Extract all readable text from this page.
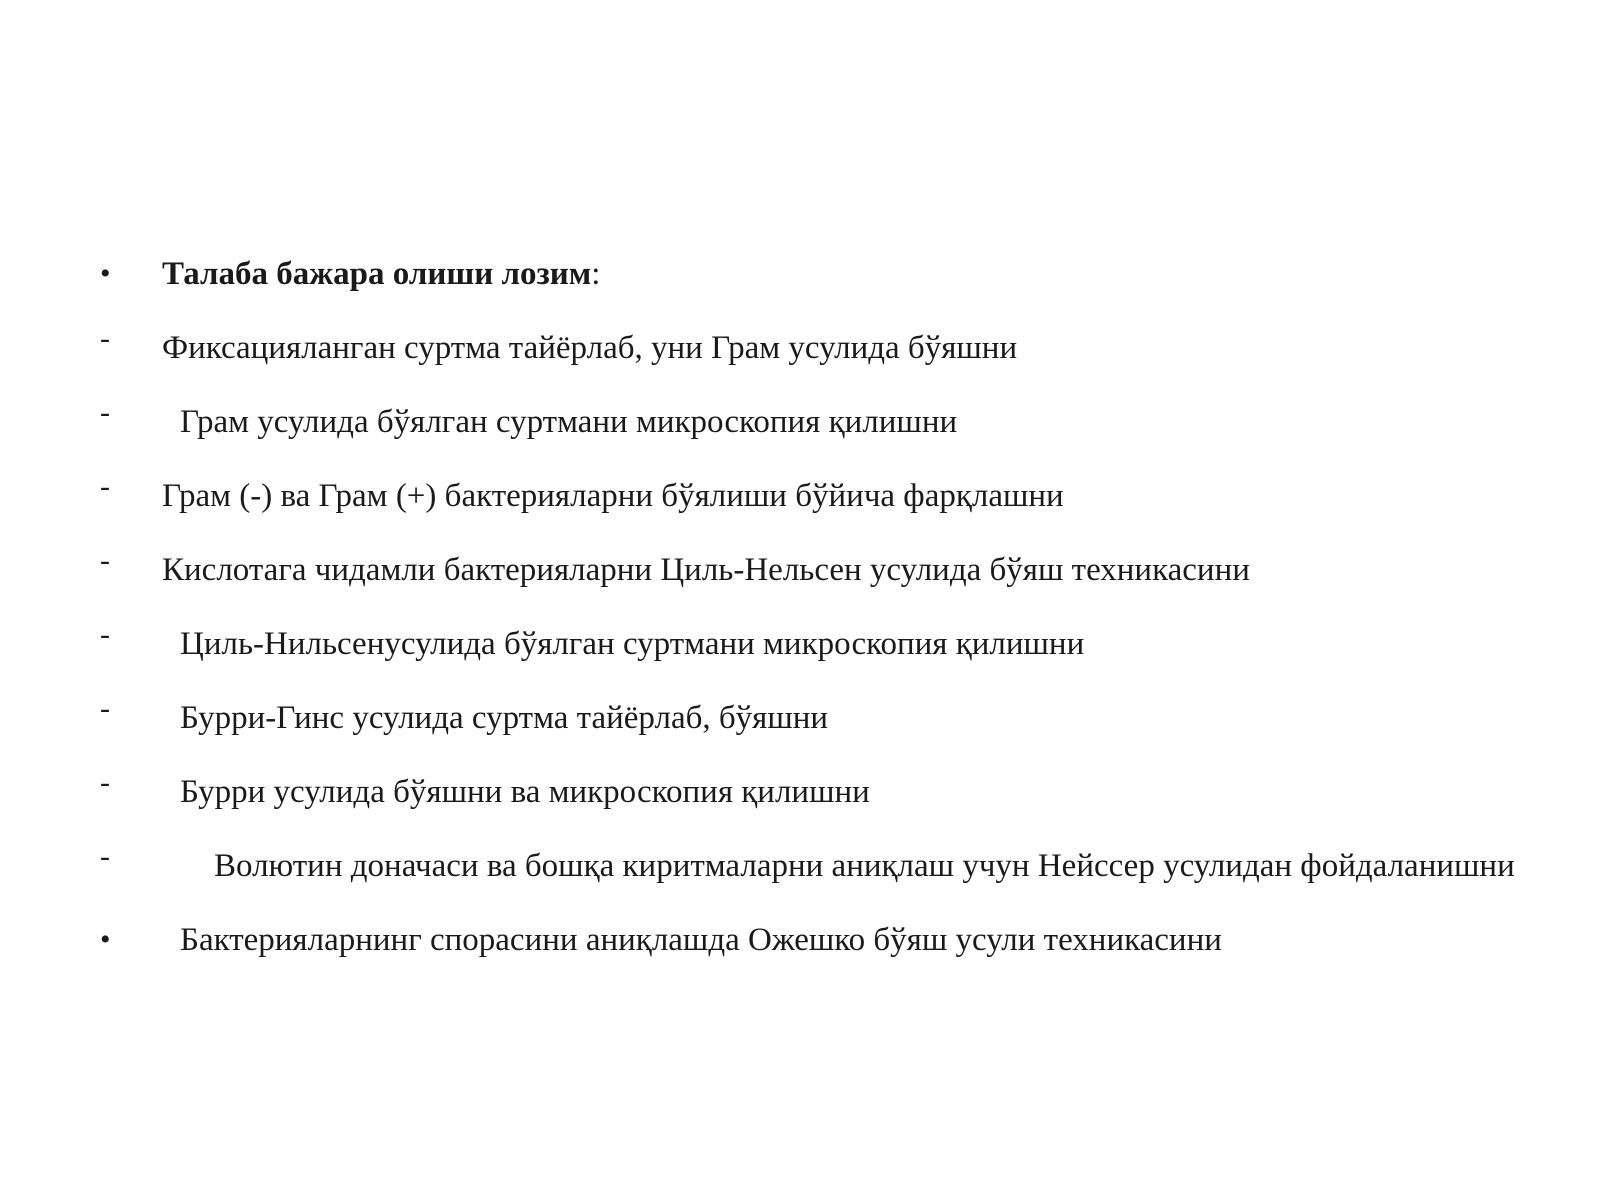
•	Талаба бажара олиши лозим:
-	Фиксацияланган суртма тайёрлаб, уни Грам усулида бўяшни
-	Грам усулида бўялган суртмани микроскопия қилишни
-	Грам (-) ва Грам (+) бактерияларни бўялиши бўйича фарқлашни
-	Кислотага чидамли бактерияларни Циль-Нельсен усулида бўяш техникасини
-	Циль-Нильсенусулида бўялган суртмани микроскопия қилишни
-	Бурри-Гинс усулида суртма тайёрлаб, бўяшни
-	Бурри усулида бўяшни ва микроскопия қилишни
-	Волютин доначаси ва бошқа киритмаларни аниқлаш учун Нейссер усулидан фойдаланишни
•	Бактерияларнинг спорасини аниқлашда Ожешко бўяш усули техникасини
